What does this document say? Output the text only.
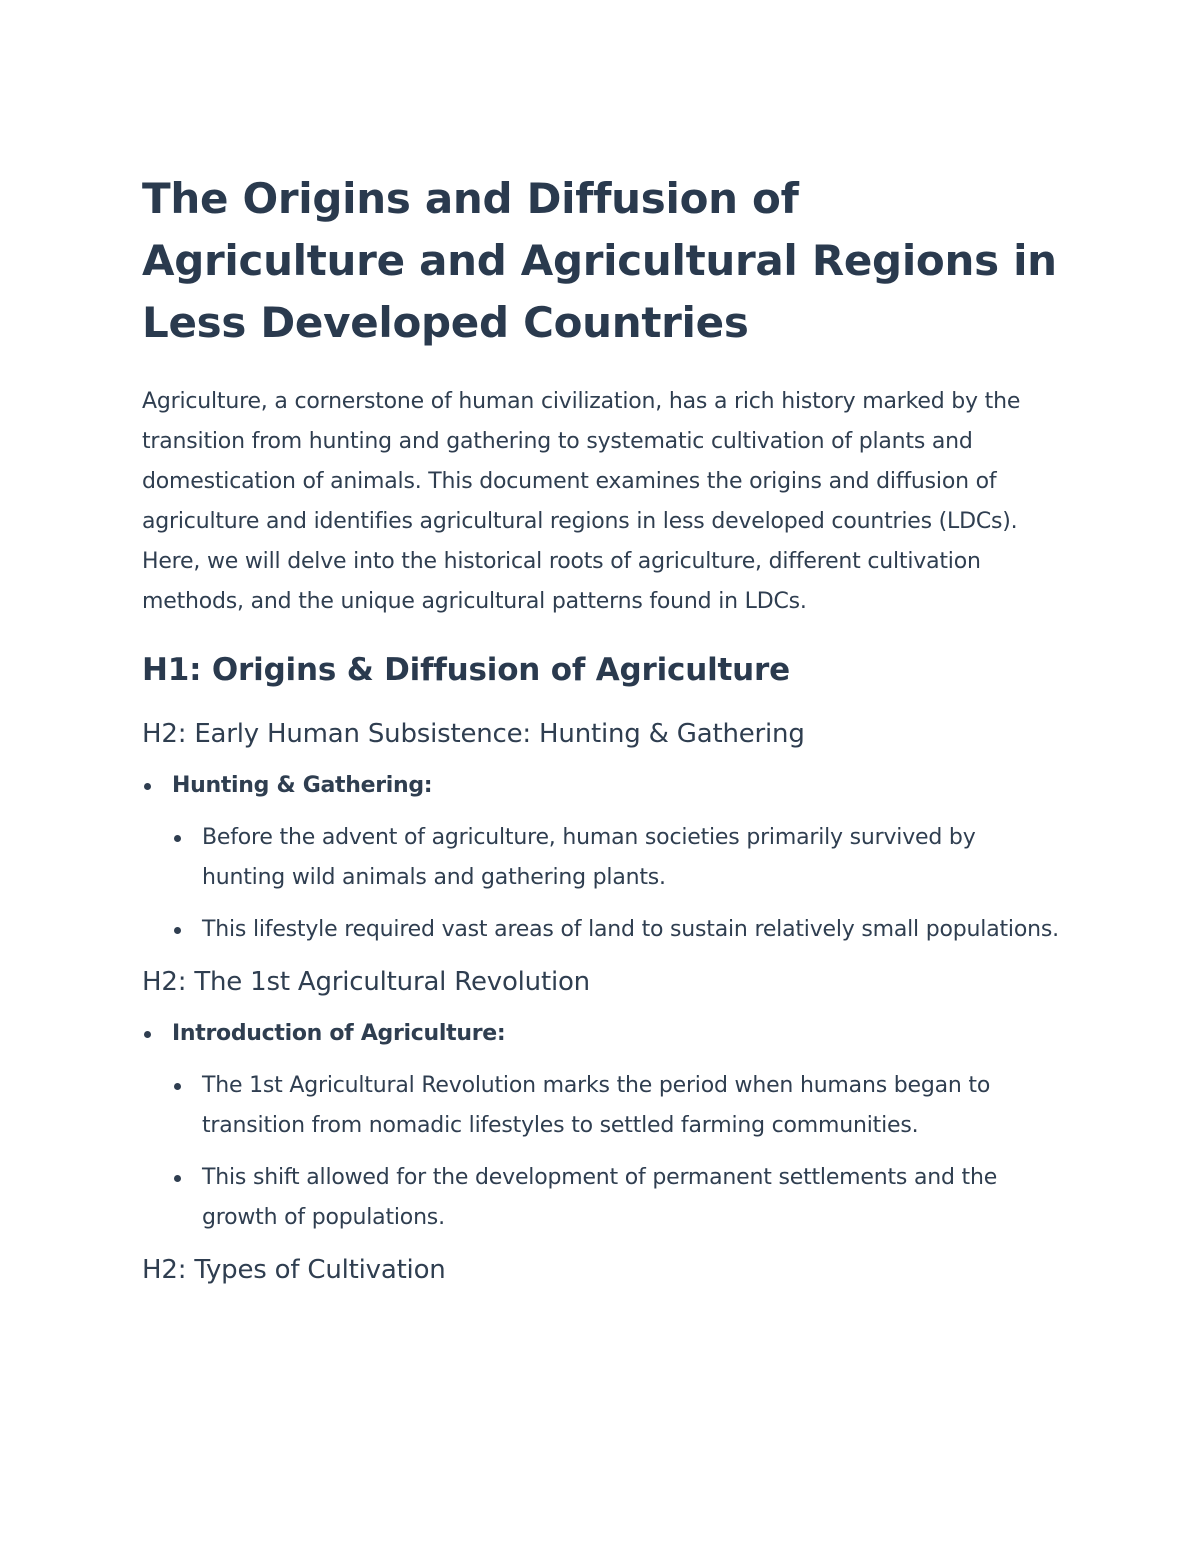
The Origins and Diffusion of Agriculture and Agricultural Regions in Less Developed Countries

Agriculture, a cornerstone of human civilization, has a rich history marked by the transition from hunting and gathering to systematic cultivation of plants and domestication of animals. This document examines the origins and diffusion of agriculture and identifies agricultural regions in less developed countries (LDCs). Here, we will delve into the historical roots of agriculture, different cultivation methods, and the unique agricultural patterns found in LDCs.

H1: Origins & Diffusion of Agriculture
H2: Early Human Subsistence: Hunting & Gathering
Hunting & Gathering:
Before the advent of agriculture, human societies primarily survived by hunting wild animals and gathering plants.
This lifestyle required vast areas of land to sustain relatively small populations.
H2: The 1st Agricultural Revolution
Introduction of Agriculture:
The 1st Agricultural Revolution marks the period when humans began to transition from nomadic lifestyles to settled farming communities.
This shift allowed for the development of permanent settlements and the growth of populations.
H2: Types of Cultivation
